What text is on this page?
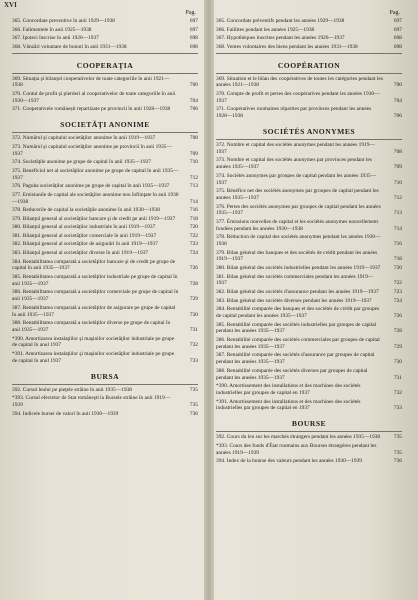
XVI
Pag.
365. Concordate preventive în anii 1929—1938	697
366. Falimentele în anii 1925—1938	697
367. Ipoteci înscrise în anii 1926—1937	698
368. Vânzări voluntare de bunuri în anii 1931—1938	698
COOPERAŢIA
369. Situaţia şi bilanţul cooperativelor de toate categoriile în anii 1921—1938	700
370. Contul de profit şi pierderi al cooperativelor de toate categoriile în anii 1930—1937	704
371. Cooperativele românești repartizate pe provincii în anii 1928—1938	706
SOCIETĂŢI ANONIME
372. Numărul şi capitalul societăţilor anonime în anii 1919—1937	708
373. Numărul şi capitalul societăţilor anonime pe provincii în anii 1935—1937	709
374. Societăţile anonime pe grupe de capital în anii 1935—1937	710
375. Beneficiul net al societăţilor anonime pe grupe de capital în anii 1935—1937	712
376. Paguba societăţilor anonime pe grupe de capital în anii 1935—1937	713
377. Emisiunile de capital ale societăţilor anonime nou înfiinţate în anii 1930—1938	714
378. Reducerile de capital la societăţile anonime în anii 1930—1938	716
379. Bilanţul general al societăţilor bancare şi de credit pe anii 1919—1937	718
380. Bilanţul general al societăţilor industriale în anii 1919—1937	720
381. Bilanţul general al societăţilor comerciale în anii 1919—1937	722
382. Bilanţul general al societăţilor de asigurări în anii 1919—1937	723
383. Bilanţul general al societăţilor diverse în anii 1919—1937	724
384. Rentabilitatea comparată a societăţilor bancare şi de credit pe grupe de capital în anii 1935—1937	726
385. Rentabilitatea comparată a societăţilor industriale pe grupe de capital în anii 1935—1937	728
386. Rentabilitatea comparată a societăţilor comerciale pe grupe de capital în anii 1935—1937	729
387. Rentabilitatea comparată a societăţilor de asigurare pe grupe de capital în anii 1935—1937	730
388. Rentabilitatea comparată a societăţilor diverse pe grupe de capital în anii 1935—1937	731
*390. Amortizarea instalaţiilor şi maşinilor societăţilor industriale pe grupe de capital în anul 1937	732
*391. Amortizarea instalaţiilor şi maşinilor societăţilor industriale pe grupe de capital în anul 1937	733
BURSA
392. Cursul leului pe pieţele străine în anii 1935—1938	735
*393. Cursul efectelor de Stat româneşti la Bursele străine în anii 1919—1939	735
394. Indicele bursei de valori în anii 1930—1939	736
Pag.
365. Concordats préventifs pendant les années 1929—1938	697
366. Faillites pendant les années 1925—1938	697
367. Hypothèques inscrites pendant les années 1926—1937	698
368. Ventes volontaires des biens pendant les années 1931—1938	698
COOPÉRATION
369. Situation et le bilan des coopératives de toutes les catégories pendant les années 1921—1938	700
370. Compte de profit et pertes des coopératives pendant les années 1930—1937	704
371. Coopératives roumaines réparties par provinces pendant les années 1928—1938	706
SOCIÉTÉS ANONYMES
372. Nombre et capital des sociétés anonymes pendant les années 1919—1937	708
373. Nombre et capital des sociétés anonymes par provinces pendant les années 1935—1937	709
374. Sociétés anonymes par groupes de capital pendant les années 1935—1937	710
375. Bénéfice net des sociétés anonymes par groupes de capital pendant les années 1935—1937	712
376. Pertes des sociétés anonymes par groupes de capital pendant les années 1935—1937	713
377. Émissions nouvelles de capital et les sociétés anonymes nouvellement fondées pendant les années 1930—1938	714
378. Réduction de capital des sociétés anonymes pendant les années 1930—1938	716
379. Bilan général des banques et des sociétés de crédit pendant les années 1919—1937	718
380. Bilan général des sociétés industrielles pendant les années 1919—1937	720
381. Bilan général des sociétés commerciales pendant les années 1919—1937	722
382. Bilan général des sociétés d'assurance pendant les années 1919—1937	723
383. Bilan général des sociétés diverses pendant les années 1919—1937	724
384. Rentabilité comparée des banques et des sociétés de crédit par groupes de capital pendant les années 1935—1937	726
385. Rentabilité comparée des sociétés industrielles par groupes de capital pendant les années 1935—1937	728
386. Rentabilité comparée des sociétés commerciales par groupes de capital pendant les années 1935—1937	729
387. Rentabilité comparée des sociétés d'assurance par groupes de capital pendant les années 1935—1937	730
388. Rentabilité comparée des sociétés diverses par groupes de capital pendant les années 1935—1937	731
*390. Amortissement des installations et des machines des sociétés industrielles par groupes de capital en 1937	732
*391. Amortissement des installations et des machines des sociétés industrielles par groupes de capital en 1937	733
BOURSE
392. Cours du leu sur les marchés étrangers pendant les années 1935—1938	735
*393. Cours des fonds d'État roumains aux Bourses étrangères pendant les années 1919—1939	735
394. Index de la bourse des valeurs pendant les années 1930—1939	736
